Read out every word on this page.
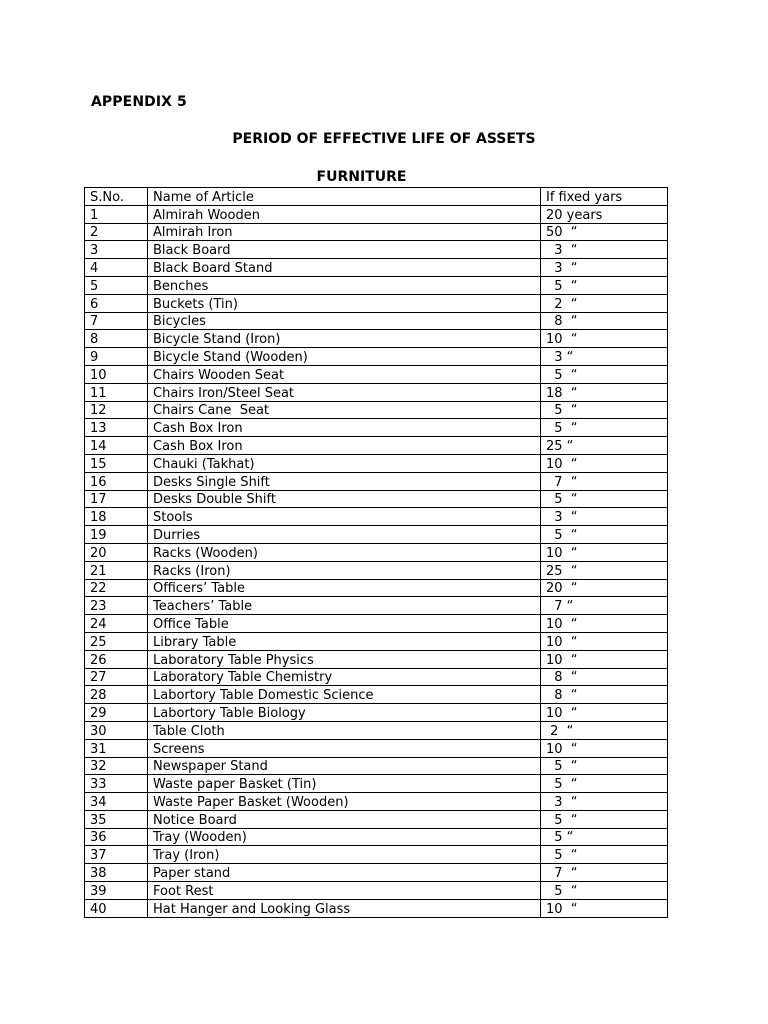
APPENDIX 5
PERIOD OF EFFECTIVE LIFE OF ASSETS
FURNITURE
S.No.	Name of Article	If fixed yars
1	Almirah Wooden	20 years
2	Almirah Iron	50  “
3	Black Board	3  “
4	Black Board Stand	3  “
5	Benches	5  “
6	Buckets (Tin)	2  “
7	Bicycles	8  “
8	Bicycle Stand (Iron)	10  “
9	Bicycle Stand (Wooden)	3 “
10	Chairs Wooden Seat	5  “
11	Chairs Iron/Steel Seat	18  “
12	Chairs Cane  Seat	5  “
13	Cash Box Iron	5  “
14	Cash Box Iron	25 “
15	Chauki (Takhat)	10  “
16	Desks Single Shift	7  “
17	Desks Double Shift	5  “
18	Stools	3  “
19	Durries	5  “
20	Racks (Wooden)	10  “
21	Racks (Iron)	25  “
22	Officers’ Table	20  “
23	Teachers’ Table	7 “
24	Office Table	10  “
25	Library Table	10  “
26	Laboratory Table Physics	10  “
27	Laboratory Table Chemistry	8  “
28	Labortory Table Domestic Science	8  “
29	Labortory Table Biology	10  “
30	Table Cloth	2  “
31	Screens	10  “
32	Newspaper Stand	5  “
33	Waste paper Basket (Tin)	5  “
34	Waste Paper Basket (Wooden)	3  “
35	Notice Board	5  “
36	Tray (Wooden)	5 “
37	Tray (Iron)	5  “
38	Paper stand	7  “
39	Foot Rest	5  “
40	Hat Hanger and Looking Glass	10  “
